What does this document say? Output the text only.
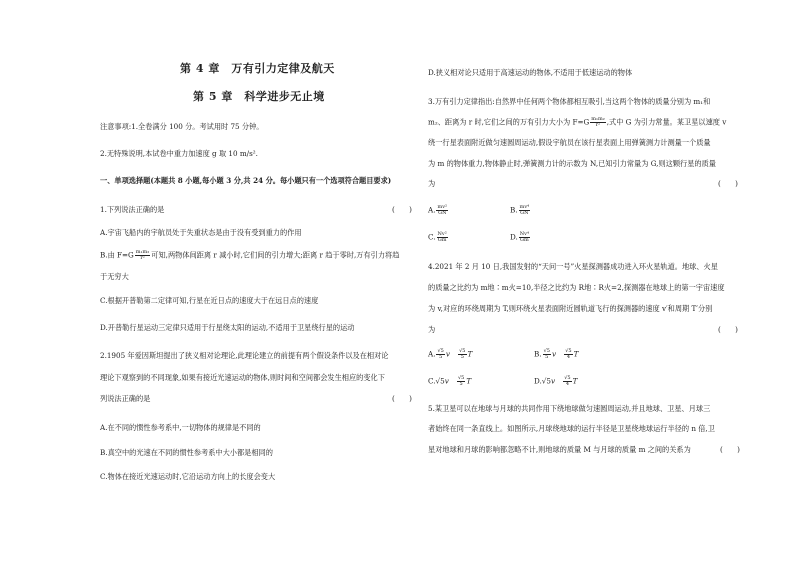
第 4 章　万有引力定律及航天
第 5 章　科学进步无止境
注意事项:1.全卷满分 100 分。考试用时 75 分钟。
2.无特殊说明,本试卷中重力加速度 g 取 10 m/s².
一、单项选择题(本题共 8 小题,每小题 3 分,共 24 分。每小题只有一个选项符合题目要求)
1.下列说法正确的是	(　　)
A.宇宙飞船内的宇航员处于失重状态是由于没有受到重力的作用
B.由 $F=G \frac{\text{m₁m₂}}{\text{r²}}$ 可知,两物体间距离 r 减小时,它们间的引力增大;距离 r 趋于零时,万有引力将趋
于无穷大
C.根据开普勒第二定律可知,行星在近日点的速度大于在远日点的速度
D.开普勒行星运动三定律只适用于行星绕太阳的运动,不适用于卫星绕行星的运动
2.1905 年爱因斯坦提出了狭义相对论理论,此理论建立的前提有两个假设条件以及在相对论
理论下观察到的不同现象,如果有接近光速运动的物体,则时间和空间都会发生相应的变化下
列说法正确的是	(　　)
A.在不同的惯性参考系中,一切物体的规律是不同的
B.真空中的光速在不同的惯性参考系中大小都是相同的
C.物体在接近光速运动时,它沿运动方向上的长度会变大
D.狭义相对论只适用于高速运动的物体,不适用于低速运动的物体
3.万有引力定律指出:自然界中任何两个物体都相互吸引,当这两个物体的质量分别为 m₁和
m₂、距离为 r 时,它们之间的万有引力大小为 $F=G \frac{\text{m₁m₂}}{\text{r²}}$ ,式中 G 为引力常量。某卫星以速度 v
绕一行星表面附近做匀速圆周运动,假设宇航员在该行星表面上用弹簧测力计测量一个质量
为 m 的物体重力,物体静止时,弹簧测力计的示数为 N,已知引力常量为 G,则这颗行星的质量
为	(　　)
A. $\frac{\text{mv²}}{GN}$	B. $\frac{\text{mv⁴}}{GN}$
C. $\frac{\text{Nv²}}{Gm}$	D. $\frac{\text{Nv⁴}}{Gm}$
4.2021 年 2 月 10 日,我国发射的“天问一号”火星探测器成功进入环火星轨道。地球、火星
的质量之比约为 m地∶m火=10,半径之比约为 R地∶R火=2,探测器在地球上的第一宇宙速度
为 v,对应的环绕周期为 T,则环绕火星表面附近圆轨道飞行的探测器的速度 v′和周期 T′分别
为	(　　)
A. $\frac{√5}{5}$ v　 $\frac{√5}{5}$ T	B. $\frac{√5}{5}$ v　 $\frac{√5}{4}$ T
C.√5v　 $\frac{√5}{5}$ T	D.√5v　 $\frac{√5}{4}$ T
5.某卫星可以在地球与月球的共同作用下绕地球做匀速圆周运动,并且地球、卫星、月球三
者始终在同一条直线上。如图所示,月球绕地球的运行半径是卫星绕地球运行半径的 n 倍,卫
星对地球和月球的影响都忽略不计,则地球的质量 M 与月球的质量 m 之间的关系为	(　　)
